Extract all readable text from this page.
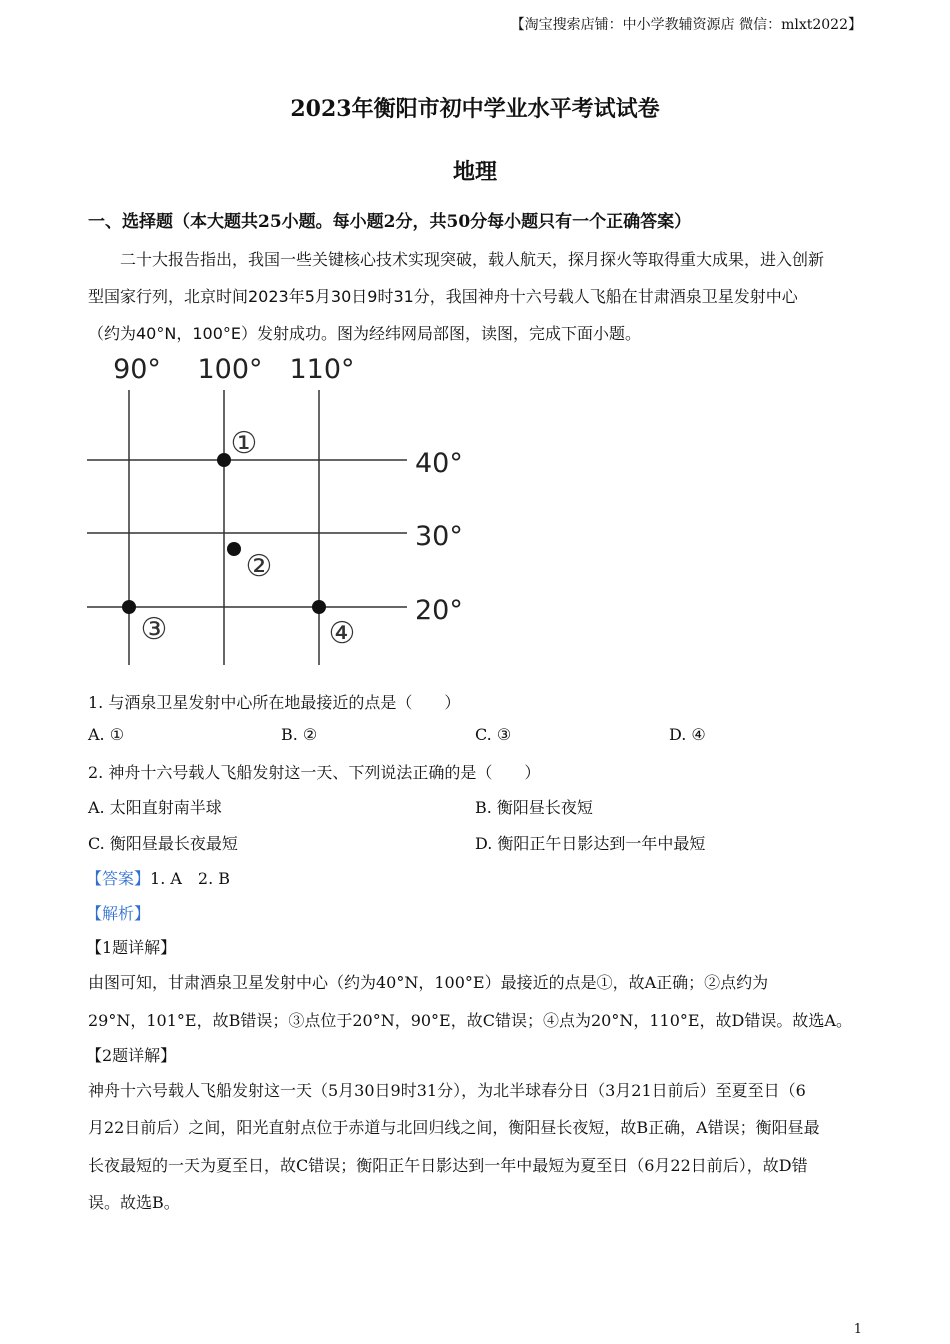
【淘宝搜索店铺：中小学教辅资源店 微信：mlxt2022】
2023年衡阳市初中学业水平考试试卷
地理
一、选择题（本大题共25小题。每小题2分，共50分每小题只有一个正确答案）
二十大报告指出，我国一些关键核心技术实现突破，载人航天，探月探火等取得重大成果，进入创新
型国家行列，北京时间2023年5月30日9时31分，我国神舟十六号载人飞船在甘肃酒泉卫星发射中心
（约为40°N，100°E）发射成功。图为经纬网局部图，读图，完成下面小题。
90° 100° 110°
40°
30°
20°
①
②
③	④
1. 与酒泉卫星发射中心所在地最接近的点是（　　）
A. ①	B. ②	C. ③	D. ④
2. 神舟十六号载人飞船发射这一天、下列说法正确的是（　　）
A. 太阳直射南半球	B. 衡阳昼长夜短
C. 衡阳昼最长夜最短	D. 衡阳正午日影达到一年中最短
【答案】1. A　2. B
【解析】
【1题详解】
由图可知，甘肃酒泉卫星发射中心（约为40°N，100°E）最接近的点是①，故A正确；②点约为
29°N，101°E，故B错误；③点位于20°N，90°E，故C错误；④点为20°N，110°E，故D错误。故选A。
【2题详解】
神舟十六号载人飞船发射这一天（5月30日9时31分），为北半球春分日（3月21日前后）至夏至日（6
月22日前后）之间，阳光直射点位于赤道与北回归线之间，衡阳昼长夜短，故B正确，A错误；衡阳昼最
长夜最短的一天为夏至日，故C错误；衡阳正午日影达到一年中最短为夏至日（6月22日前后），故D错
误。故选B。
1
